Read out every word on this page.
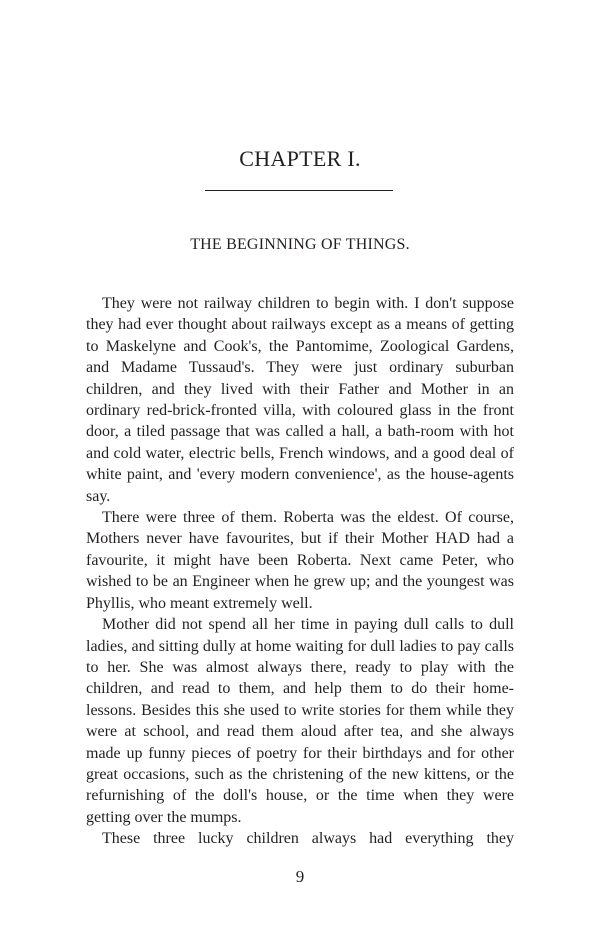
CHAPTER I.
THE BEGINNING OF THINGS.

They were not railway children to begin with. I don't suppose they had ever thought about railways except as a means of getting to Maskelyne and Cook's, the Pantomime, Zoological Gardens, and Madame Tussaud's. They were just ordinary suburban children, and they lived with their Father and Mother in an ordinary red-brick-fronted villa, with coloured glass in the front door, a tiled passage that was called a hall, a bath-room with hot and cold water, electric bells, French windows, and a good deal of white paint, and 'every modern convenience', as the house-agents say.

There were three of them. Roberta was the eldest. Of course, Mothers never have favourites, but if their Mother HAD had a favourite, it might have been Roberta. Next came Peter, who wished to be an Engineer when he grew up; and the youngest was Phyllis, who meant extremely well.

Mother did not spend all her time in paying dull calls to dull ladies, and sitting dully at home waiting for dull ladies to pay calls to her. She was almost always there, ready to play with the children, and read to them, and help them to do their home-lessons. Besides this she used to write stories for them while they were at school, and read them aloud after tea, and she always made up funny pieces of poetry for their birthdays and for other great occasions, such as the christening of the new kittens, or the refurnishing of the doll's house, or the time when they were getting over the mumps.

These three lucky children always had everything they

9
